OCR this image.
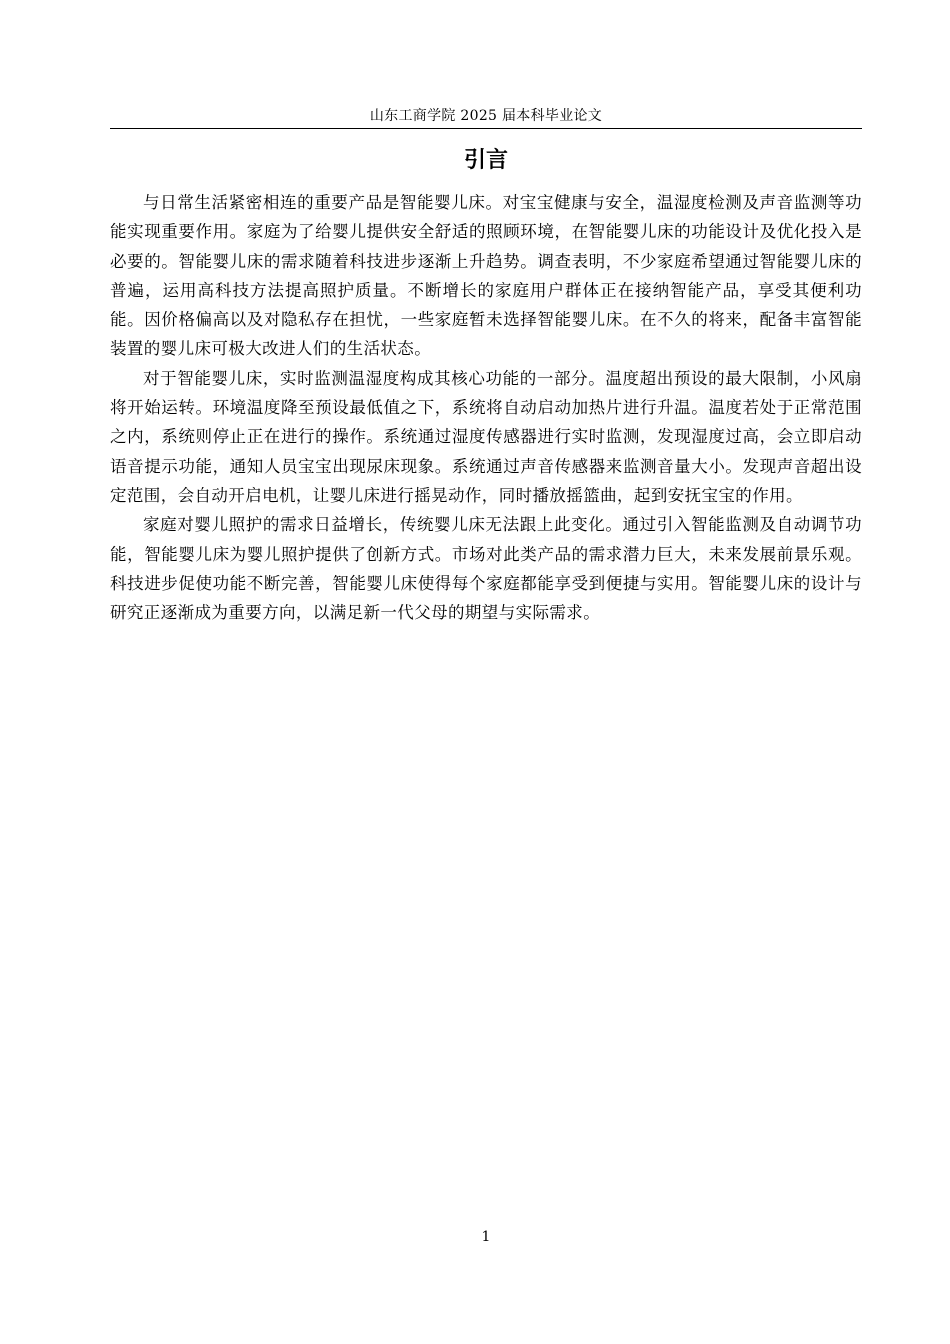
山东工商学院 2025 届本科毕业论文
引言

与日常生活紧密相连的重要产品是智能婴儿床。对宝宝健康与安全，温湿度检测及声音监测等功能实现重要作用。家庭为了给婴儿提供安全舒适的照顾环境，在智能婴儿床的功能设计及优化投入是必要的。智能婴儿床的需求随着科技进步逐渐上升趋势。调查表明，不少家庭希望通过智能婴儿床的普遍，运用高科技方法提高照护质量。不断增长的家庭用户群体正在接纳智能产品，享受其便利功能。因价格偏高以及对隐私存在担忧，一些家庭暂未选择智能婴儿床。在不久的将来，配备丰富智能装置的婴儿床可极大改进人们的生活状态。

对于智能婴儿床，实时监测温湿度构成其核心功能的一部分。温度超出预设的最大限制，小风扇将开始运转。环境温度降至预设最低值之下，系统将自动启动加热片进行升温。温度若处于正常范围之内，系统则停止正在进行的操作。系统通过湿度传感器进行实时监测，发现湿度过高，会立即启动语音提示功能，通知人员宝宝出现尿床现象。系统通过声音传感器来监测音量大小。发现声音超出设定范围，会自动开启电机，让婴儿床进行摇晃动作，同时播放摇篮曲，起到安抚宝宝的作用。

家庭对婴儿照护的需求日益增长，传统婴儿床无法跟上此变化。通过引入智能监测及自动调节功能，智能婴儿床为婴儿照护提供了创新方式。市场对此类产品的需求潜力巨大，未来发展前景乐观。科技进步促使功能不断完善，智能婴儿床使得每个家庭都能享受到便捷与实用。智能婴儿床的设计与研究正逐渐成为重要方向，以满足新一代父母的期望与实际需求。

1
